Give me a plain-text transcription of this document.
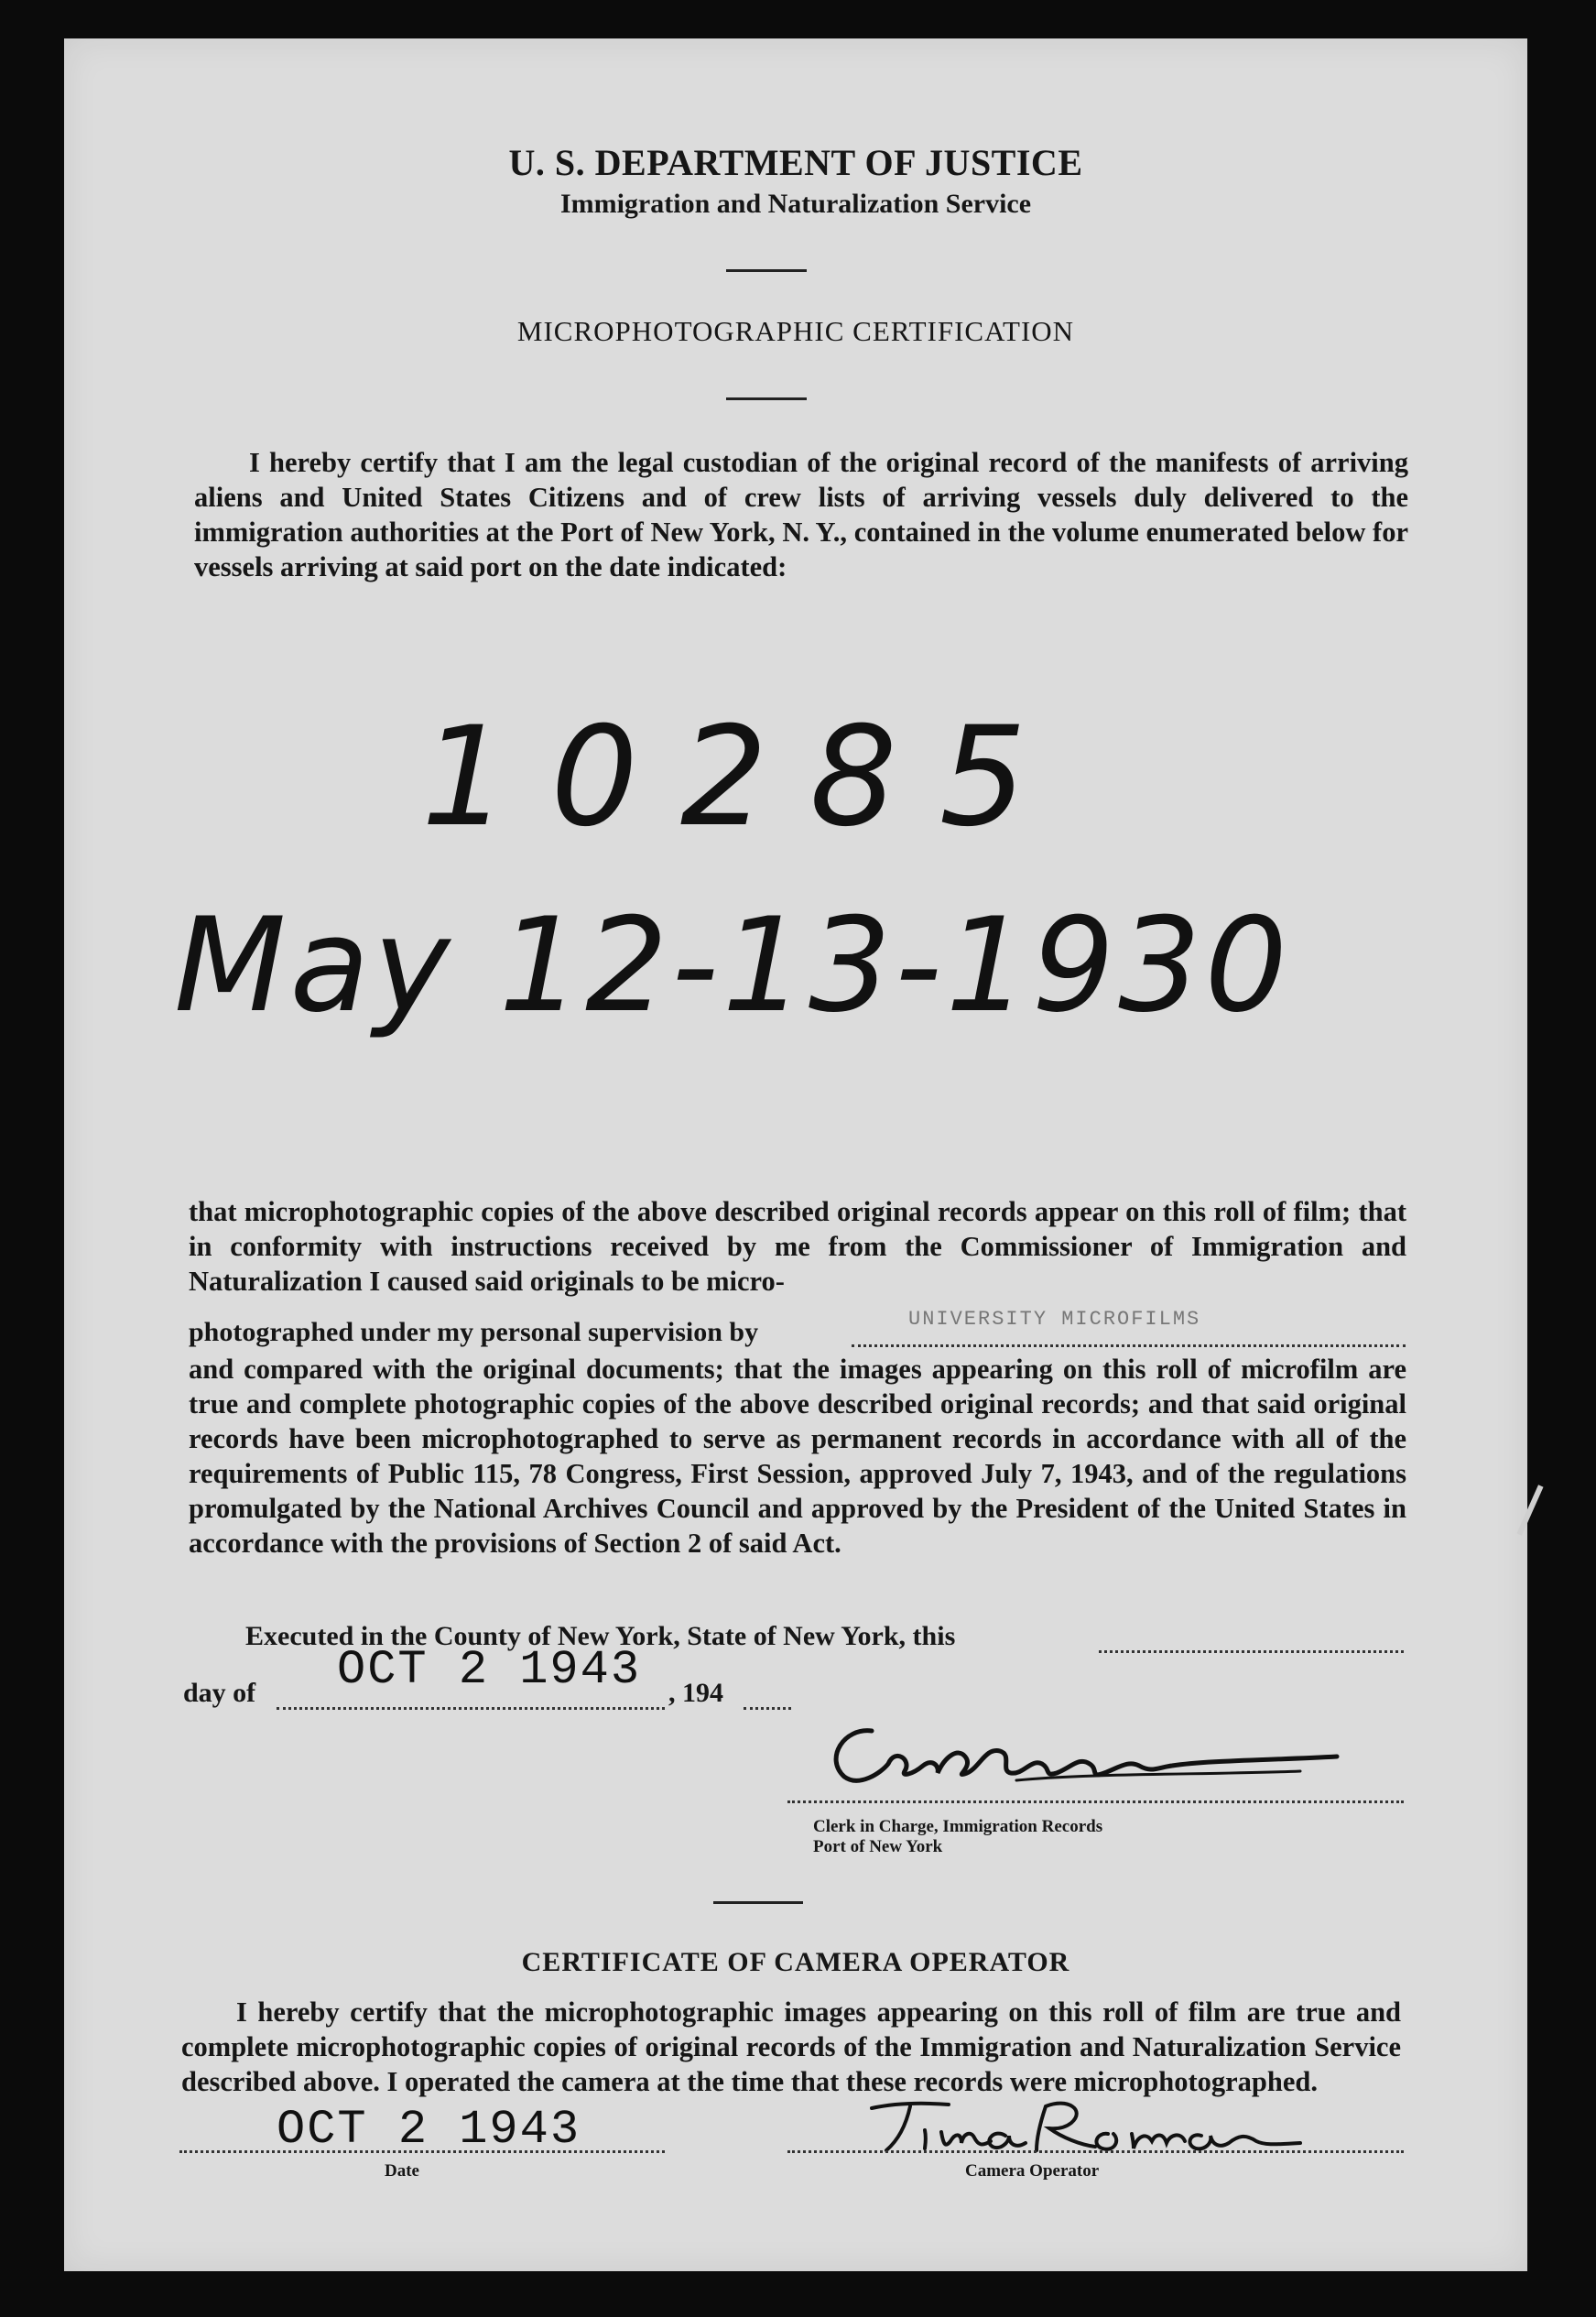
U. S. DEPARTMENT OF JUSTICE
Immigration and Naturalization Service
MICROPHOTOGRAPHIC CERTIFICATION

I hereby certify that I am the legal custodian of the original record of the manifests of arriving aliens and United States Citizens and of crew lists of arriving vessels duly delivered to the immigration authorities at the Port of New York, N. Y., contained in the volume enumerated below for vessels arriving at said port on the date indicated:

10285
May 12-13-1930

that microphotographic copies of the above described original records appear on this roll of film; that in conformity with instructions received by me from the Commissioner of Immigration and Naturalization I caused said originals to be micro-

photographed under my personal supervision by	UNIVERSITY MICROFILMS

and compared with the original documents; that the images appearing on this roll of microfilm are true and complete photographic copies of the above described original records; and that said original records have been microphotographed to serve as permanent records in accordance with all of the requirements of Public 115, 78 Congress, First Session, approved July 7, 1943, and of the regulations promulgated by the National Archives Council and approved by the President of the United States in accordance with the provisions of Section 2 of said Act.

Executed in the County of New York, State of New York, this
day of OCT 2 1943 , 194
Clerk in Charge, Immigration Records
Port of New York
CERTIFICATE OF CAMERA OPERATOR

I hereby certify that the microphotographic images appearing on this roll of film are true and complete microphotographic copies of original records of the Immigration and Naturalization Service described above. I operated the camera at the time that these records were microphotographed.

OCT 2 1943
Date	Camera Operator
